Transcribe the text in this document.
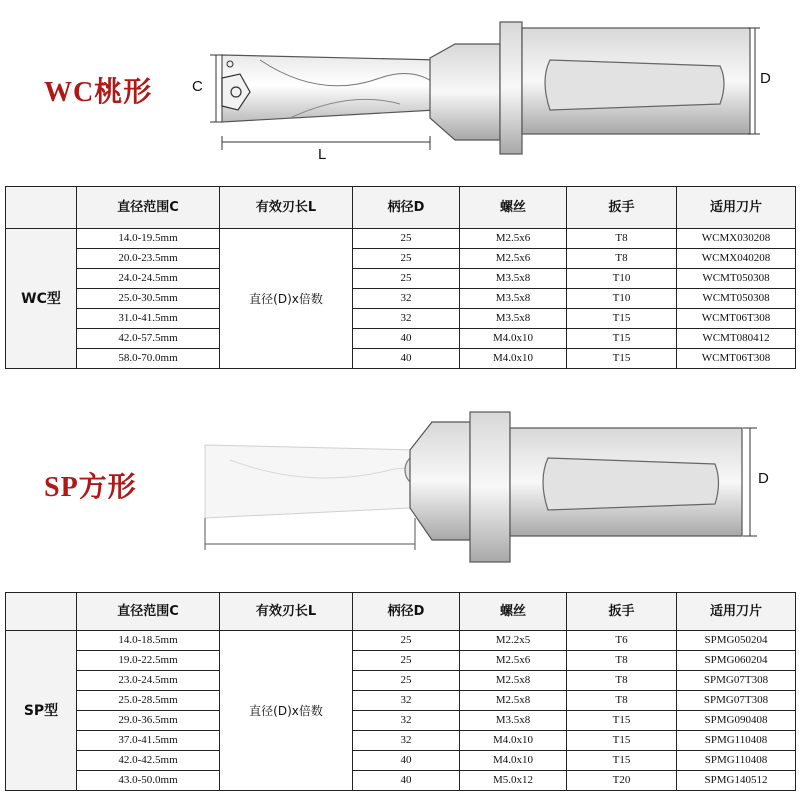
WC桃形	C
L
D
	直径范围C	有效刃长L	柄径D	螺丝	扳手	适用刀片
WC型	14.0-19.5mm	直径(D)x倍数	25	M2.5x6	T8	WCMX030208
	20.0-23.5mm		25	M2.5x6	T8	WCMX040208
	24.0-24.5mm		25	M3.5x8	T10	WCMT050308
	25.0-30.5mm		32	M3.5x8	T10	WCMT050308
	31.0-41.5mm		32	M3.5x8	T15	WCMT06T308
	42.0-57.5mm		40	M4.0x10	T15	WCMT080412
	58.0-70.0mm		40	M4.0x10	T15	WCMT06T308
SP方形	D
	直径范围C	有效刃长L	柄径D	螺丝	扳手	适用刀片
SP型	14.0-18.5mm	直径(D)x倍数	25	M2.2x5	T6	SPMG050204
	19.0-22.5mm		25	M2.5x6	T8	SPMG060204
	23.0-24.5mm		25	M2.5x8	T8	SPMG07T308
	25.0-28.5mm		32	M2.5x8	T8	SPMG07T308
	29.0-36.5mm		32	M3.5x8	T15	SPMG090408
	37.0-41.5mm		32	M4.0x10	T15	SPMG110408
	42.0-42.5mm		40	M4.0x10	T15	SPMG110408
	43.0-50.0mm		40	M5.0x12	T20	SPMG140512
